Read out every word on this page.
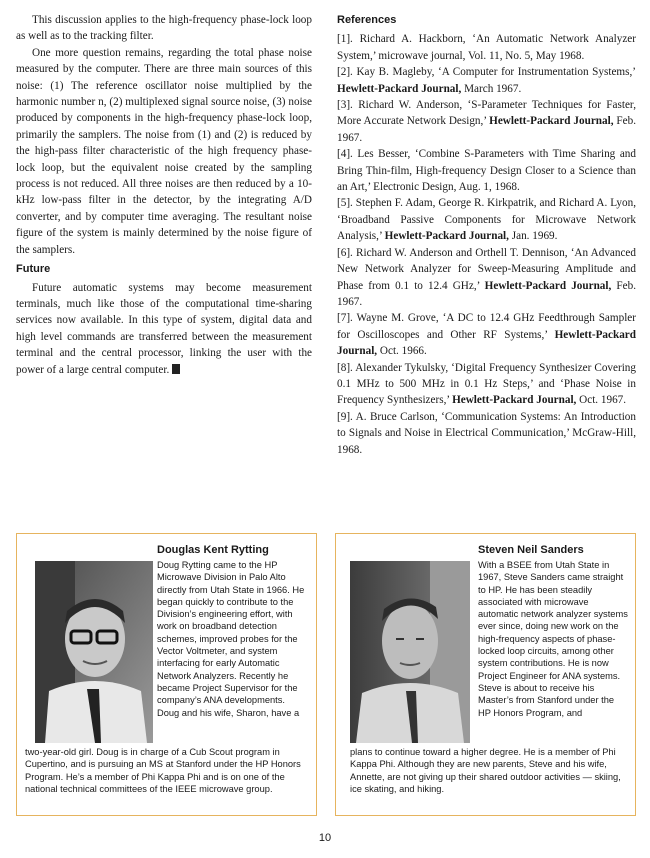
This discussion applies to the high-frequency phase-lock loop as well as to the tracking filter.

One more question remains, regarding the total phase noise measured by the computer. There are three main sources of this noise: (1) The reference oscillator noise multiplied by the harmonic number n, (2) multiplexed signal source noise, (3) noise produced by components in the high-frequency phase-lock loop, primarily the samplers. The noise from (1) and (2) is reduced by the high-pass filter characteristic of the high frequency phase-lock loop, but the equivalent noise created by the sampling process is not reduced. All three noises are then reduced by a 10-kHz low-pass filter in the detector, by the integrating A/D converter, and by computer time averaging. The resultant noise figure of the system is mainly determined by the noise figure of the samplers.

Future

Future automatic systems may become measurement terminals, much like those of the computational time-sharing services now available. In this type of system, digital data and high level commands are transferred between the measurement terminal and the central processor, linking the user with the power of a large central computer.

References
[1]. Richard A. Hackborn, ‘An Automatic Network Analyzer System,’ microwave journal, Vol. 11, No. 5, May 1968.
[2]. Kay B. Magleby, ‘A Computer for Instrumentation Systems,’ Hewlett-Packard Journal, March 1967.
[3]. Richard W. Anderson, ‘S-Parameter Techniques for Faster, More Accurate Network Design,’ Hewlett-Packard Journal, Feb. 1967.
[4]. Les Besser, ‘Combine S-Parameters with Time Sharing and Bring Thin-film, High-frequency Design Closer to a Science than an Art,’ Electronic Design, Aug. 1, 1968.
[5]. Stephen F. Adam, George R. Kirkpatrik, and Richard A. Lyon, ‘Broadband Passive Components for Microwave Network Analysis,’ Hewlett-Packard Journal, Jan. 1969.
[6]. Richard W. Anderson and Orthell T. Dennison, ‘An Advanced New Network Analyzer for Sweep-Measuring Amplitude and Phase from 0.1 to 12.4 GHz,’ Hewlett-Packard Journal, Feb. 1967.
[7]. Wayne M. Grove, ‘A DC to 12.4 GHz Feedthrough Sampler for Oscilloscopes and Other RF Systems,’ Hewlett-Packard Journal, Oct. 1966.
[8]. Alexander Tykulsky, ‘Digital Frequency Synthesizer Covering 0.1 MHz to 500 MHz in 0.1 Hz Steps,’ and ‘Phase Noise in Frequency Synthesizers,’ Hewlett-Packard Journal, Oct. 1967.
[9]. A. Bruce Carlson, ‘Communication Systems: An Introduction to Signals and Noise in Electrical Communication,’ McGraw-Hill, 1968.
Douglas Kent Rytting
Doug Rytting came to the HP Microwave Division in Palo Alto directly from Utah State in 1966. He began quickly to contribute to the Division’s engineering effort, with work on broadband detection schemes, improved probes for the Vector Voltmeter, and system interfacing for early Automatic Network Analyzers. Recently he became Project Supervisor for the company’s ANA developments. Doug and his wife, Sharon, have a
two-year-old girl. Doug is in charge of a Cub Scout program in Cupertino, and is pursuing an MS at Stanford under the HP Honors Program. He’s a member of Phi Kappa Phi and is on one of the national technical committees of the IEEE microwave group.
Steven Neil Sanders
With a BSEE from Utah State in 1967, Steve Sanders came straight to HP. He has been steadily associated with microwave automatic network analyzer systems ever since, doing new work on the high-frequency aspects of phase-locked loop circuits, among other system contributions. He is now Project Engineer for ANA systems. Steve is about to receive his Master’s from Stanford under the HP Honors Program, and
plans to continue toward a higher degree. He is a member of Phi Kappa Phi. Although they are new parents, Steve and his wife, Annette, are not giving up their shared outdoor activities — skiing, ice skating, and hiking.
10
